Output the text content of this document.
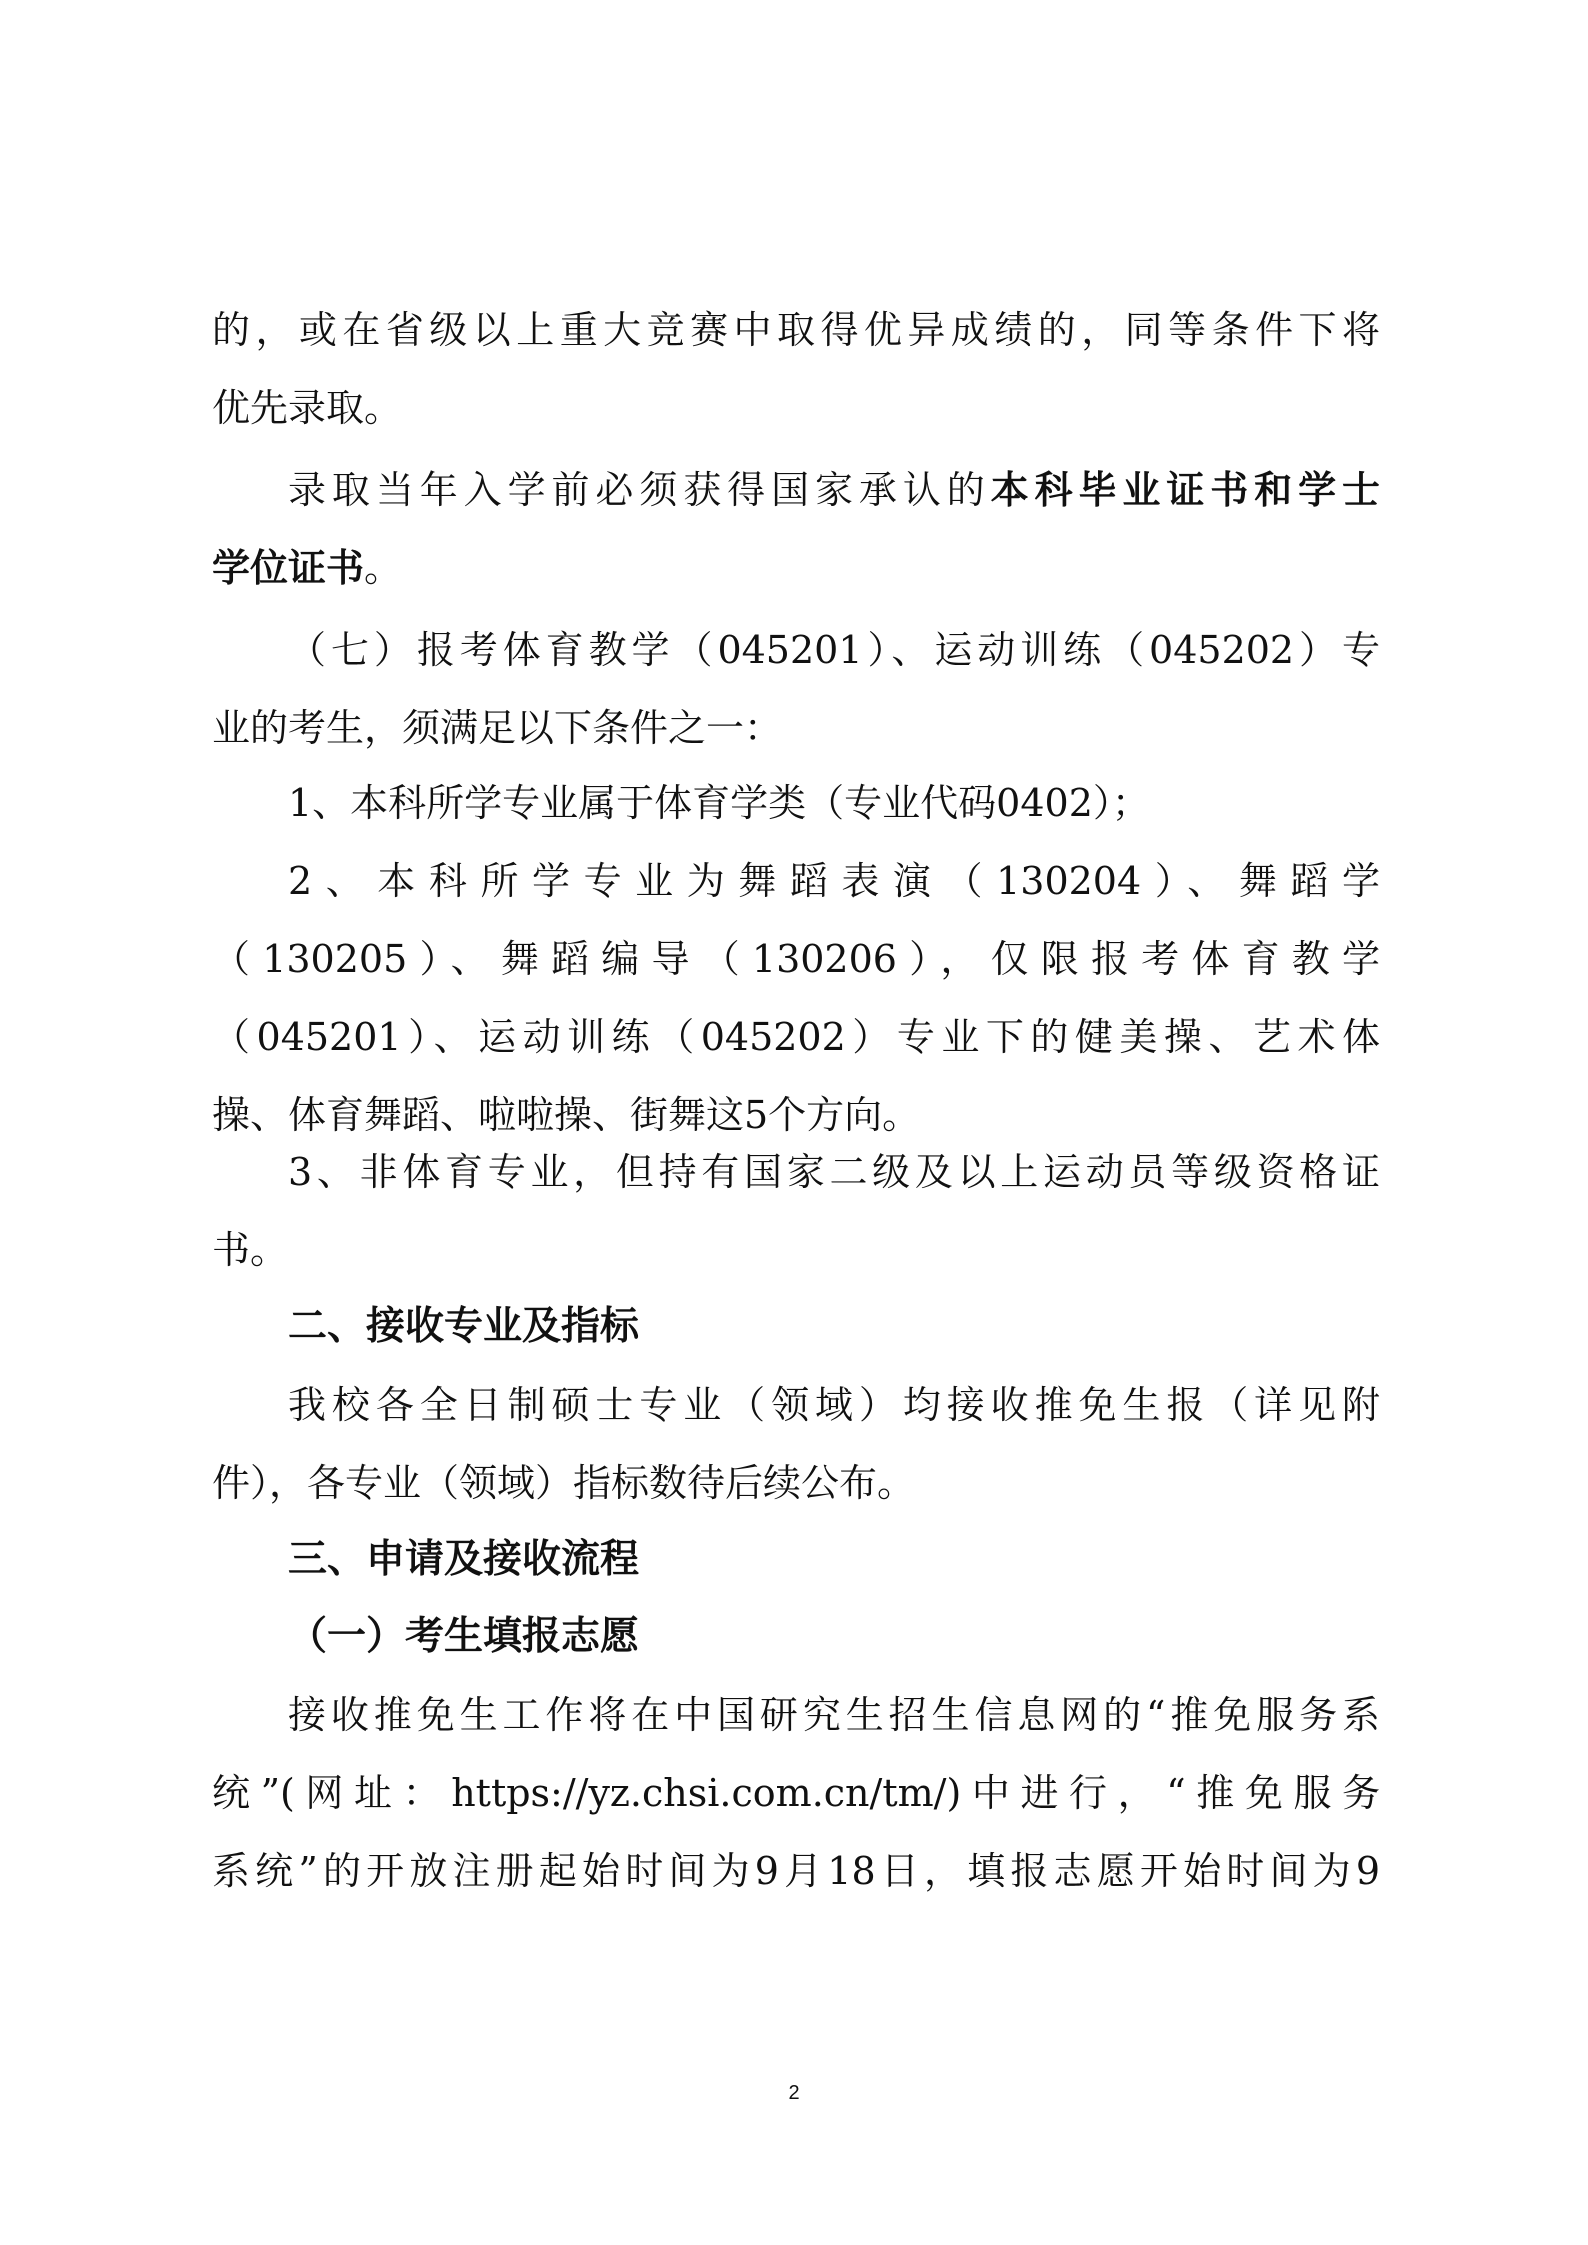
的，或在省级以上重大竞赛中取得优异成绩的，同等条件下将
优先录取。
录取当年入学前必须获得国家承认的本科毕业证书和学士
学位证书。
（七）报考体育教学（045201）、运动训练（045202）专
业的考生，须满足以下条件之一：
1、本科所学专业属于体育学类（专业代码0402）；
2、本科所学专业为舞蹈表演（130204）、舞蹈学
（130205）、舞蹈编导（130206），仅限报考体育教学
（045201）、运动训练（045202）专业下的健美操、艺术体
操、体育舞蹈、啦啦操、街舞这5个方向。
3、非体育专业，但持有国家二级及以上运动员等级资格证
书。
二、接收专业及指标
我校各全日制硕士专业（领域）均接收推免生报（详见附
件），各专业（领域）指标数待后续公布。
三、申请及接收流程
（一）考生填报志愿
接收推免生工作将在中国研究生招生信息网的“推免服务系
统”(网址：https://yz.chsi.com.cn/tm/)中进行，“推免服务
系统”的开放注册起始时间为9月18日，填报志愿开始时间为9
2
